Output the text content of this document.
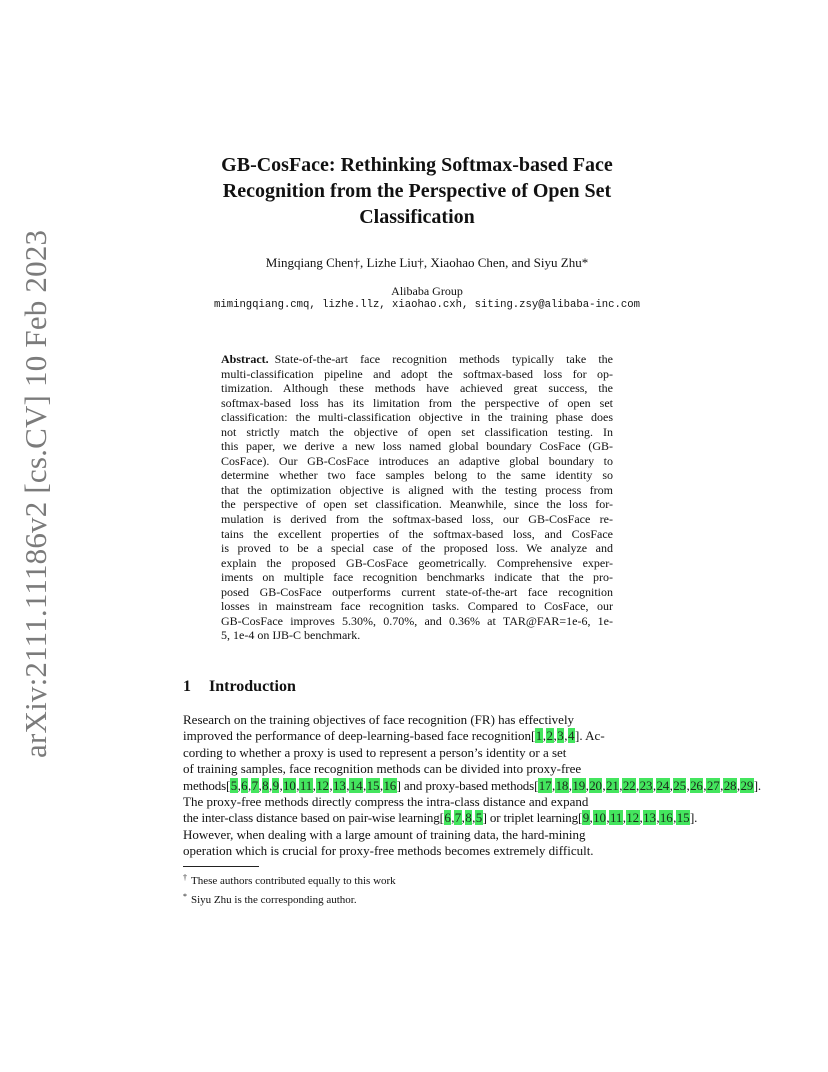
arXiv:2111.11186v2 [cs.CV] 10 Feb 2023
GB-CosFace: Rethinking Softmax-based Face
Recognition from the Perspective of Open Set
Classification
Mingqiang Chen†, Lizhe Liu†, Xiaohao Chen, and Siyu Zhu*
Alibaba Group
mimingqiang.cmq, lizhe.llz, xiaohao.cxh, siting.zsy@alibaba-inc.com
Abstract.
State-of-the-art face recognition methods typically take the
multi-classification pipeline and adopt the softmax-based loss for op-
timization. Although these methods have achieved great success, the
softmax-based loss has its limitation from the perspective of open set
classification: the multi-classification objective in the training phase does
not strictly match the objective of open set classification testing. In
this paper, we derive a new loss named global boundary CosFace (GB-
CosFace). Our GB-CosFace introduces an adaptive global boundary to
determine whether two face samples belong to the same identity so
that the optimization objective is aligned with the testing process from
the perspective of open set classification. Meanwhile, since the loss for-
mulation is derived from the softmax-based loss, our GB-CosFace re-
tains the excellent properties of the softmax-based loss, and CosFace
is proved to be a special case of the proposed loss. We analyze and
explain the proposed GB-CosFace geometrically. Comprehensive exper-
iments on multiple face recognition benchmarks indicate that the pro-
posed GB-CosFace outperforms current state-of-the-art face recognition
losses in mainstream face recognition tasks. Compared to CosFace, our
GB-CosFace improves 5.30%, 0.70%, and 0.36% at TAR@FAR=1e-6, 1e-
5, 1e-4 on IJB-C benchmark.
1 Introduction
Research on the training objectives of face recognition (FR) has effectively
improved the performance of deep-learning-based face recognition[1,2,3,4]. Ac-
cording to whether a proxy is used to represent a person’s identity or a set
of training samples, face recognition methods can be divided into proxy-free
methods[5,6,7,8,9,10,11,12,13,14,15,16] and proxy-based methods[17,18,19,20,21,22,23,24,25,26,27,28,29].
The proxy-free methods directly compress the intra-class distance and expand
the inter-class distance based on pair-wise learning[6,7,8,5] or triplet learning[9,10,11,12,13,16,15].
However, when dealing with a large amount of training data, the hard-mining
operation which is crucial for proxy-free methods becomes extremely difficult.
† These authors contributed equally to this work
* Siyu Zhu is the corresponding author.
